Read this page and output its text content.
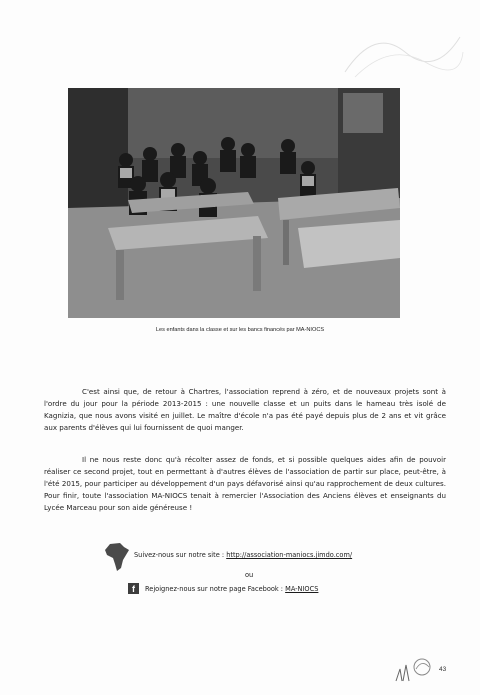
Les enfants dans la classe et sur les bancs financés par MA-NIOCS

C'est ainsi que, de retour à Chartres, l'association reprend à zéro, et de nouveaux projets sont à l'ordre du jour pour la période 2013-2015 : une nouvelle classe et un puits dans le hameau très isolé de Kagnizia, que nous avons visité en juillet. Le maître d'école n'a pas été payé depuis plus de 2 ans et vit grâce aux parents d'élèves qui lui fournissent de quoi manger.

Il ne nous reste donc qu'à récolter assez de fonds, et si possible quelques aides afin de pouvoir réaliser ce second projet, tout en permettant à d'autres élèves de l'association de partir sur place, peut-être, à l'été 2015, pour participer au développement d'un pays défavorisé ainsi qu'au rapprochement de deux cultures. Pour finir, toute l'association MA-NIOCS tenait à remercier l'Association des Anciens élèves et enseignants du Lycée Marceau pour son aide généreuse !

Suivez-nous sur notre site : http://association-maniocs.jimdo.com/
ou
f	Rejoignez-nous sur notre page Facebook : MA-NIOCS
43
